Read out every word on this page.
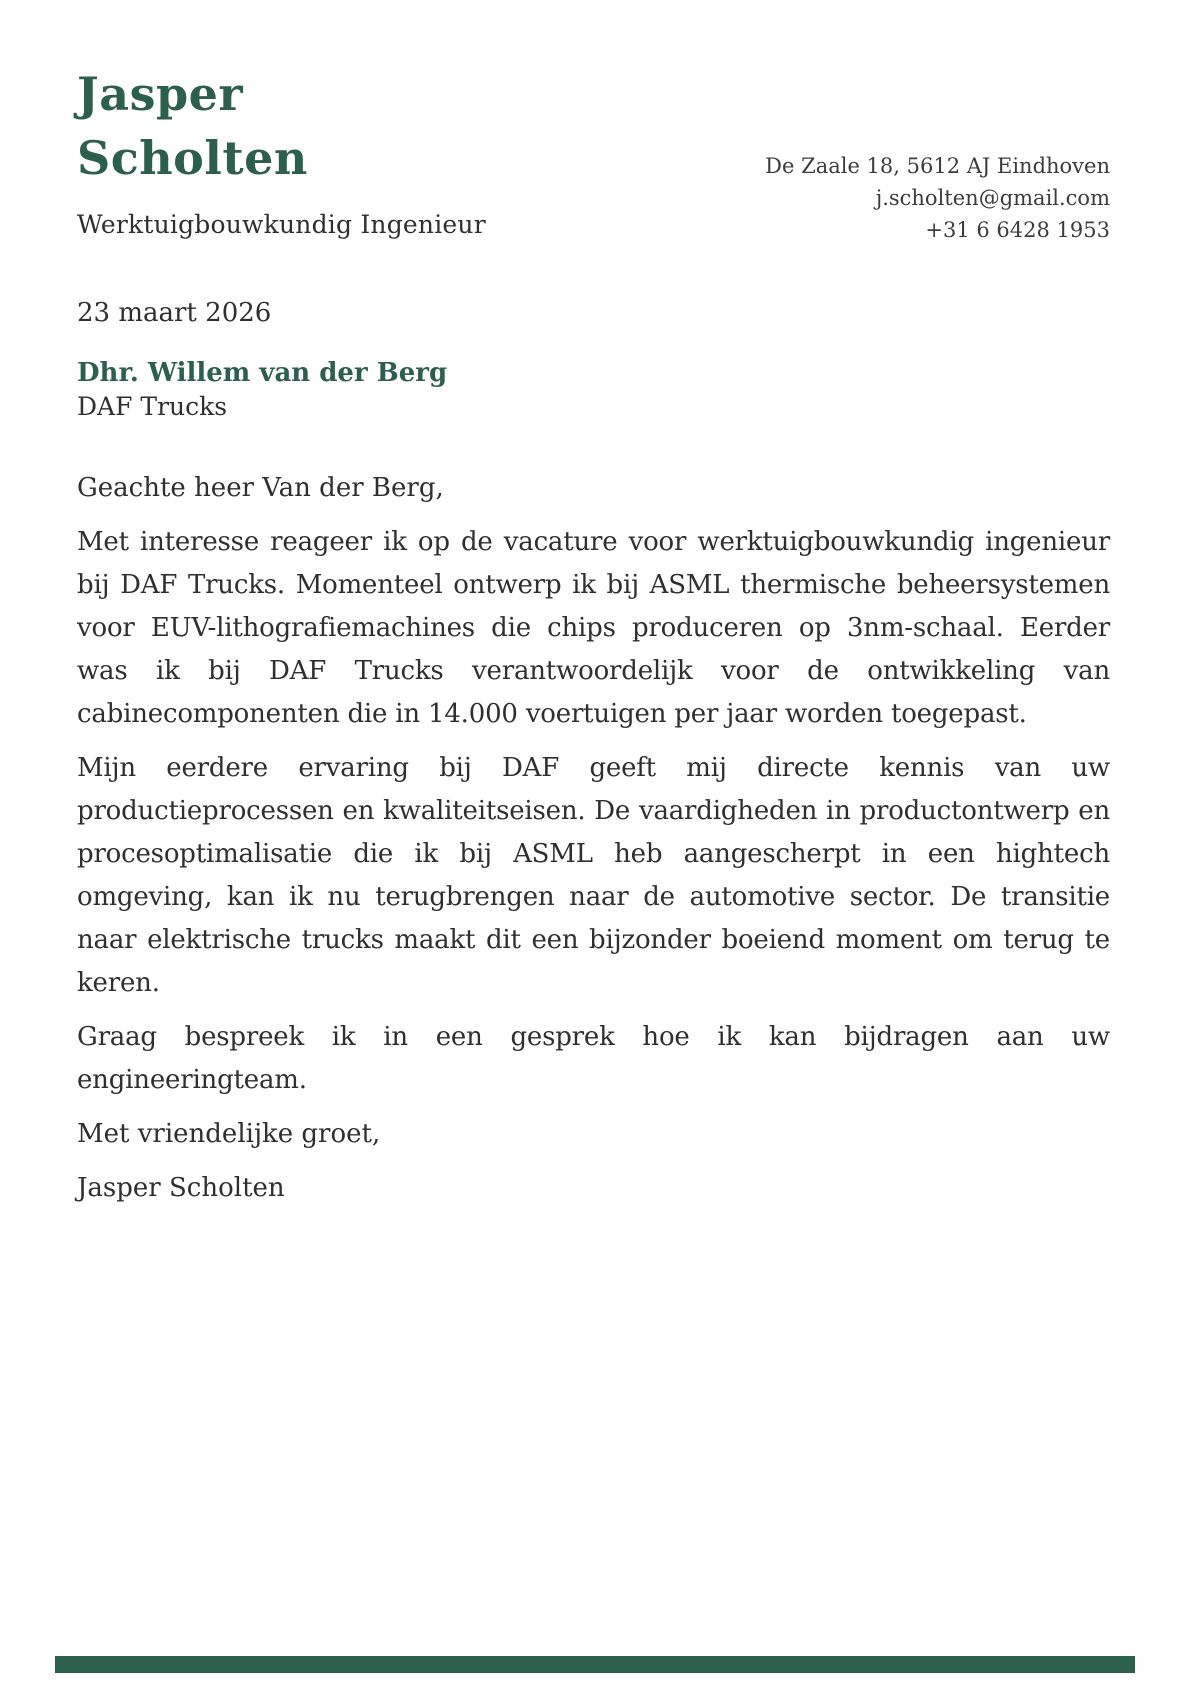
Jasper
Scholten
Werktuigbouwkundig Ingenieur
De Zaale 18, 5612 AJ Eindhoven
j.scholten@gmail.com
+31 6 6428 1953
23 maart 2026
Dhr. Willem van der Berg
DAF Trucks

Geachte heer Van der Berg,

Met interesse reageer ik op de vacature voor werktuigbouwkundig ingenieur bij DAF Trucks. Momenteel ontwerp ik bij ASML thermische beheersystemen voor EUV-lithografiemachines die chips produceren op 3nm-schaal. Eerder was ik bij DAF Trucks verantwoordelijk voor de ontwikkeling van cabinecomponenten die in 14.000 voertuigen per jaar worden toegepast.

Mijn eerdere ervaring bij DAF geeft mij directe kennis van uw productieprocessen en kwaliteitseisen. De vaardigheden in productontwerp en procesoptimalisatie die ik bij ASML heb aangescherpt in een hightech omgeving, kan ik nu terugbrengen naar de automotive sector. De transitie naar elektrische trucks maakt dit een bijzonder boeiend moment om terug te keren.

Graag bespreek ik in een gesprek hoe ik kan bijdragen aan uw engineeringteam.

Met vriendelijke groet,

Jasper Scholten
